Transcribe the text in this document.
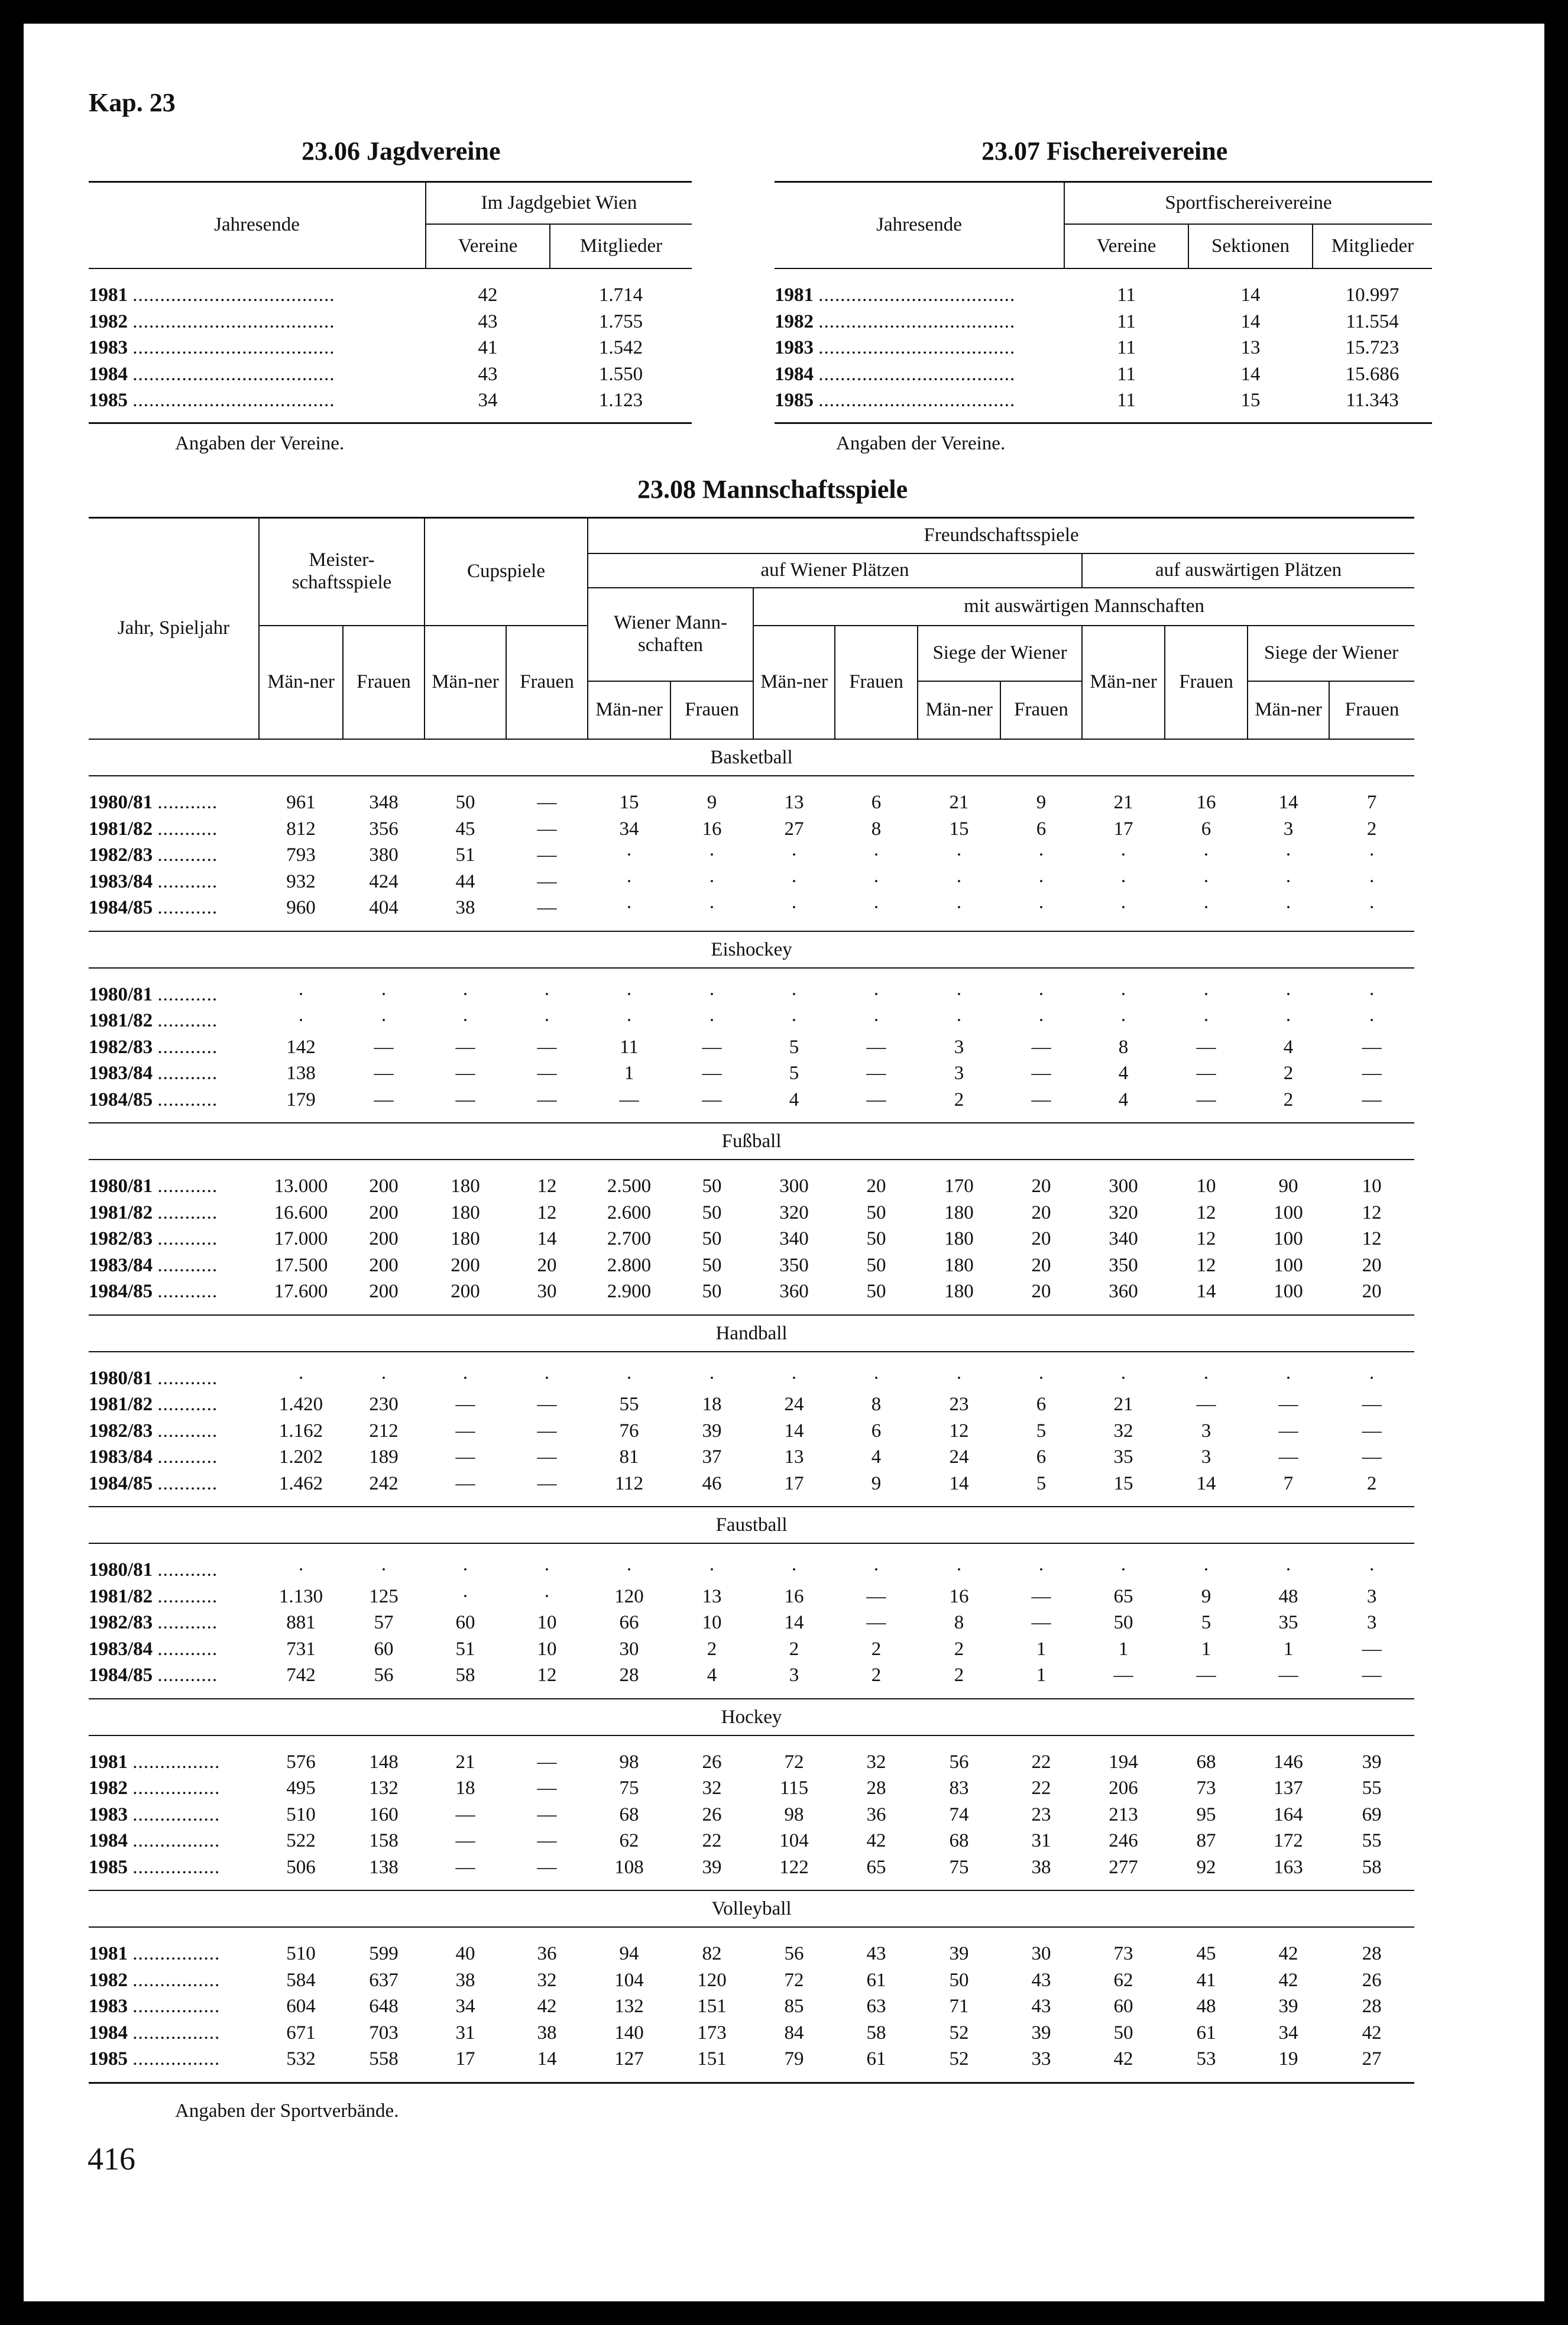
Kap. 23
23.06 Jagdvereine
Jahresende	Im Jagdgebiet Wien	
	Vereine	Mitglieder

1981 .....................................	42	1.714
1982 .....................................	43	1.755
1983 .....................................	41	1.542
1984 .....................................	43	1.550
1985 .....................................	34	1.123

Angaben der Vereine.
23.07 Fischereivereine
Jahresende	Sportfischereivereine		
	Vereine	Sektionen	Mitglieder

1981 ....................................	11	14	10.997
1982 ....................................	11	14	11.554
1983 ....................................	11	13	15.723
1984 ....................................	11	14	15.686
1985 ....................................	11	15	11.343

Angaben der Vereine.
23.08 Mannschaftsspiele
Jahr, Spieljahr	Meister-schaftsspiele		Cupspiele		Freundschaftsspiele										
					auf Wiener Plätzen						auf auswärtigen Plätzen				
					Wiener Mann-schaften		mit auswärtigen Mannschaften								
	Män-ner	Frauen	Män-ner	Frauen			Män-ner	Frauen	Siege der Wiener		Män-ner	Frauen	Siege der Wiener		

					Män-ner	Frauen			Män-ner	Frauen			Män-ner	Frauen	
Basketball															

1980/81 ...........	961	348	50	—	15	9	13	6	21	9	21	16	14	7	
1981/82 ...........	812	356	45	—	34	16	27	8	15	6	17	6	3	2	
1982/83 ...........	793	380	51	—	·	·	·	·	·	·	·	·	·	·	
1983/84 ...........	932	424	44	—	·	·	·	·	·	·	·	·	·	·	
1984/85 ...........	960	404	38	—	·	·	·	·	·	·	·	·	·	·	

Eishockey															

1980/81 ...........	·	·	·	·	·	·	·	·	·	·	·	·	·	·	
1981/82 ...........	·	·	·	·	·	·	·	·	·	·	·	·	·	·	
1982/83 ...........	142	—	—	—	11	—	5	—	3	—	8	—	4	—	
1983/84 ...........	138	—	—	—	1	—	5	—	3	—	4	—	2	—	
1984/85 ...........	179	—	—	—	—	—	4	—	2	—	4	—	2	—	

Fußball															

1980/81 ...........	13.000	200	180	12	2.500	50	300	20	170	20	300	10	90	10	
1981/82 ...........	16.600	200	180	12	2.600	50	320	50	180	20	320	12	100	12	
1982/83 ...........	17.000	200	180	14	2.700	50	340	50	180	20	340	12	100	12	
1983/84 ...........	17.500	200	200	20	2.800	50	350	50	180	20	350	12	100	20	
1984/85 ...........	17.600	200	200	30	2.900	50	360	50	180	20	360	14	100	20	

Handball															

1980/81 ...........	·	·	·	·	·	·	·	·	·	·	·	·	·	·	
1981/82 ...........	1.420	230	—	—	55	18	24	8	23	6	21	—	—	—	
1982/83 ...........	1.162	212	—	—	76	39	14	6	12	5	32	3	—	—	
1983/84 ...........	1.202	189	—	—	81	37	13	4	24	6	35	3	—	—	
1984/85 ...........	1.462	242	—	—	112	46	17	9	14	5	15	14	7	2	

Faustball															

1980/81 ...........	·	·	·	·	·	·	·	·	·	·	·	·	·	·	
1981/82 ...........	1.130	125	·	·	120	13	16	—	16	—	65	9	48	3	
1982/83 ...........	881	57	60	10	66	10	14	—	8	—	50	5	35	3	
1983/84 ...........	731	60	51	10	30	2	2	2	2	1	1	1	1	—	
1984/85 ...........	742	56	58	12	28	4	3	2	2	1	—	—	—	—	

Hockey															

1981 ................	576	148	21	—	98	26	72	32	56	22	194	68	146	39	
1982 ................	495	132	18	—	75	32	115	28	83	22	206	73	137	55	
1983 ................	510	160	—	—	68	26	98	36	74	23	213	95	164	69	
1984 ................	522	158	—	—	62	22	104	42	68	31	246	87	172	55	
1985 ................	506	138	—	—	108	39	122	65	75	38	277	92	163	58	

Volleyball															

1981 ................	510	599	40	36	94	82	56	43	39	30	73	45	42	28	
1982 ................	584	637	38	32	104	120	72	61	50	43	62	41	42	26	
1983 ................	604	648	34	42	132	151	85	63	71	43	60	48	39	28	
1984 ................	671	703	31	38	140	173	84	58	52	39	50	61	34	42	
1985 ................	532	558	17	14	127	151	79	61	52	33	42	53	19	27	

Angaben der Sportverbände.
416
